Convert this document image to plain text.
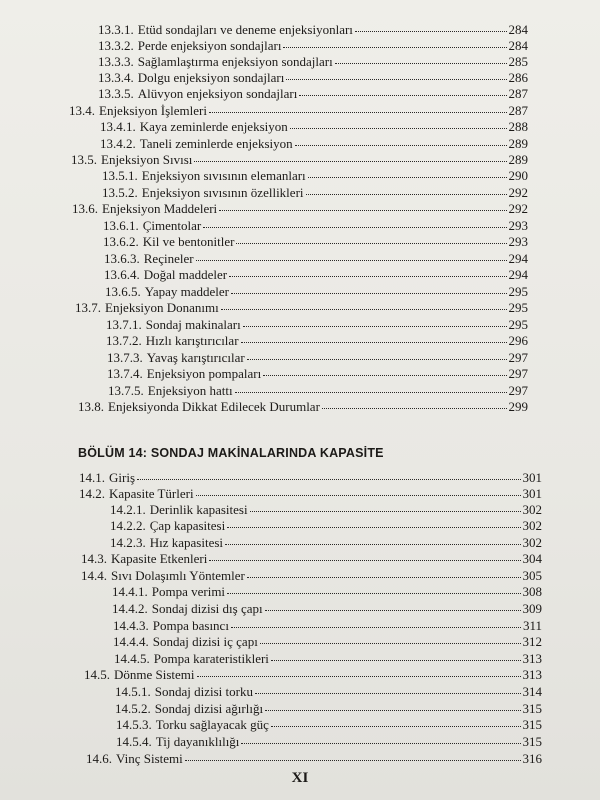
13.3.1. Etüd sondajları ve deneme enjeksiyonları	284
13.3.2. Perde enjeksiyon sondajları	284
13.3.3. Sağlamlaştırma enjeksiyon sondajları	285
13.3.4. Dolgu enjeksiyon sondajları	286
13.3.5. Alüvyon enjeksiyon sondajları	287
13.4. Enjeksiyon İşlemleri	287
13.4.1. Kaya zeminlerde enjeksiyon	288
13.4.2. Taneli zeminlerde enjeksiyon	289
13.5. Enjeksiyon Sıvısı	289
13.5.1. Enjeksiyon sıvısının elemanları	290
13.5.2. Enjeksiyon sıvısının özellikleri	292
13.6. Enjeksiyon Maddeleri	292
13.6.1. Çimentolar	293
13.6.2. Kil ve bentonitler	293
13.6.3. Reçineler	294
13.6.4. Doğal maddeler	294
13.6.5. Yapay maddeler	295
13.7. Enjeksiyon Donanımı	295
13.7.1. Sondaj makinaları	295
13.7.2. Hızlı karıştırıcılar	296
13.7.3. Yavaş karıştırıcılar	297
13.7.4. Enjeksiyon pompaları	297
13.7.5. Enjeksiyon hattı	297
13.8. Enjeksiyonda Dikkat Edilecek Durumlar	299
BÖLÜM 14: SONDAJ MAKİNALARINDA KAPASİTE
14.1. Giriş	301
14.2. Kapasite Türleri	301
14.2.1. Derinlik kapasitesi	302
14.2.2. Çap kapasitesi	302
14.2.3. Hız kapasitesi	302
14.3. Kapasite Etkenleri	304
14.4. Sıvı Dolaşımlı Yöntemler	305
14.4.1. Pompa verimi	308
14.4.2. Sondaj dizisi dış çapı	309
14.4.3. Pompa basıncı	311
14.4.4. Sondaj dizisi iç çapı	312
14.4.5. Pompa karateristikleri	313
14.5. Dönme Sistemi	313
14.5.1. Sondaj dizisi torku	314
14.5.2. Sondaj dizisi ağırlığı	315
14.5.3. Torku sağlayacak güç	315
14.5.4. Tij dayanıklılığı	315
14.6. Vinç Sistemi	316
XI
